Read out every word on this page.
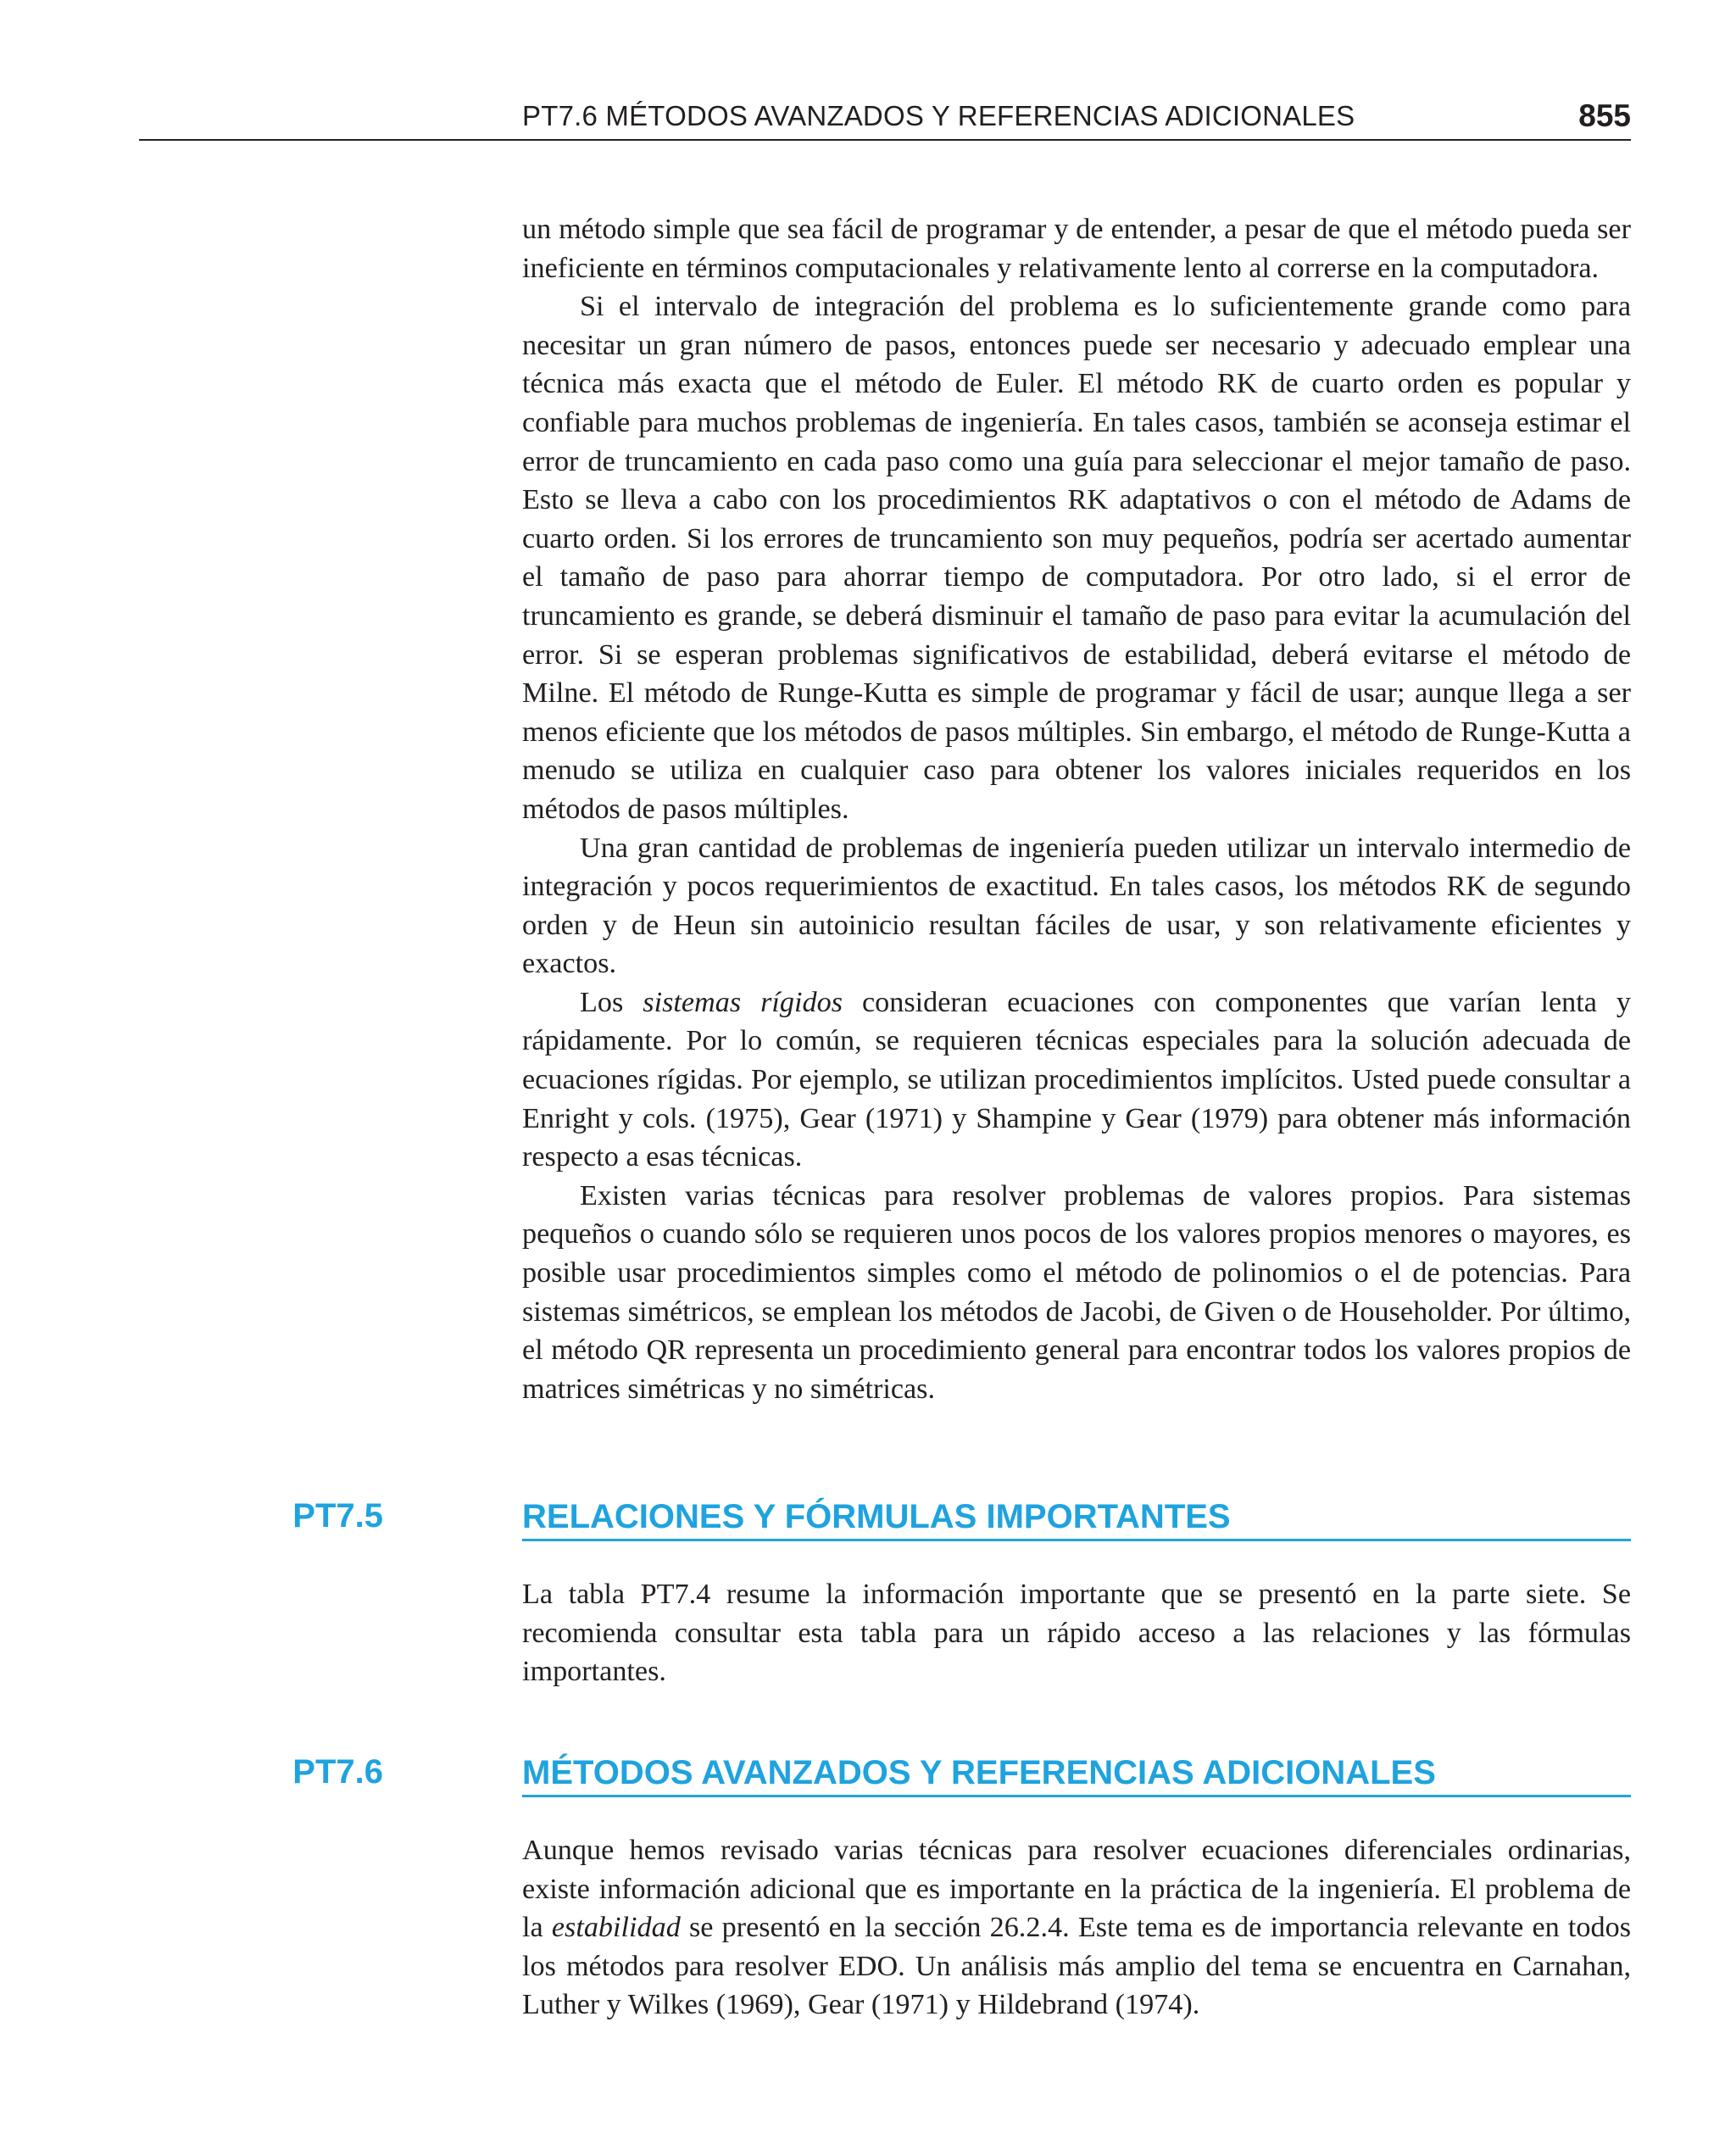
PT7.6 MÉTODOS AVANZADOS Y REFERENCIAS ADICIONALES	855

un método simple que sea fácil de programar y de entender, a pesar de que el método pueda ser ineficiente en términos computacionales y relativamente lento al correrse en la computadora.

Si el intervalo de integración del problema es lo suficientemente grande como para necesitar un gran número de pasos, entonces puede ser necesario y adecuado emplear una técnica más exacta que el método de Euler. El método RK de cuarto orden es popular y confiable para muchos problemas de ingeniería. En tales casos, también se aconseja estimar el error de truncamiento en cada paso como una guía para seleccionar el mejor tamaño de paso. Esto se lleva a cabo con los procedimientos RK adaptativos o con el método de Adams de cuarto orden. Si los errores de truncamiento son muy pequeños, podría ser acertado aumentar el tamaño de paso para ahorrar tiempo de computadora. Por otro lado, si el error de truncamiento es grande, se deberá disminuir el tamaño de paso para evitar la acumulación del error. Si se esperan problemas significativos de estabilidad, deberá evitarse el método de Milne. El método de Runge-Kutta es simple de programar y fácil de usar; aunque llega a ser menos eficiente que los métodos de pasos múltiples. Sin embargo, el método de Runge-Kutta a menudo se utiliza en cualquier caso para obtener los valores iniciales requeridos en los métodos de pasos múltiples.

Una gran cantidad de problemas de ingeniería pueden utilizar un intervalo intermedio de integración y pocos requerimientos de exactitud. En tales casos, los métodos RK de segundo orden y de Heun sin autoinicio resultan fáciles de usar, y son relativamente eficientes y exactos.

Los sistemas rígidos consideran ecuaciones con componentes que varían lenta y rápidamente. Por lo común, se requieren técnicas especiales para la solución adecuada de ecuaciones rígidas. Por ejemplo, se utilizan procedimientos implícitos. Usted puede consultar a Enright y cols. (1975), Gear (1971) y Shampine y Gear (1979) para obtener más información respecto a esas técnicas.

Existen varias técnicas para resolver problemas de valores propios. Para sistemas pequeños o cuando sólo se requieren unos pocos de los valores propios menores o mayores, es posible usar procedimientos simples como el método de polinomios o el de potencias. Para sistemas simétricos, se emplean los métodos de Jacobi, de Given o de Householder. Por último, el método QR representa un procedimiento general para encontrar todos los valores propios de matrices simétricas y no simétricas.

PT7.5	RELACIONES Y FÓRMULAS IMPORTANTES

La tabla PT7.4 resume la información importante que se presentó en la parte siete. Se recomienda consultar esta tabla para un rápido acceso a las relaciones y las fórmulas importantes.

PT7.6	MÉTODOS AVANZADOS Y REFERENCIAS ADICIONALES

Aunque hemos revisado varias técnicas para resolver ecuaciones diferenciales ordinarias, existe información adicional que es importante en la práctica de la ingeniería. El problema de la estabilidad se presentó en la sección 26.2.4. Este tema es de importancia relevante en todos los métodos para resolver EDO. Un análisis más amplio del tema se encuentra en Carnahan, Luther y Wilkes (1969), Gear (1971) y Hildebrand (1974).
